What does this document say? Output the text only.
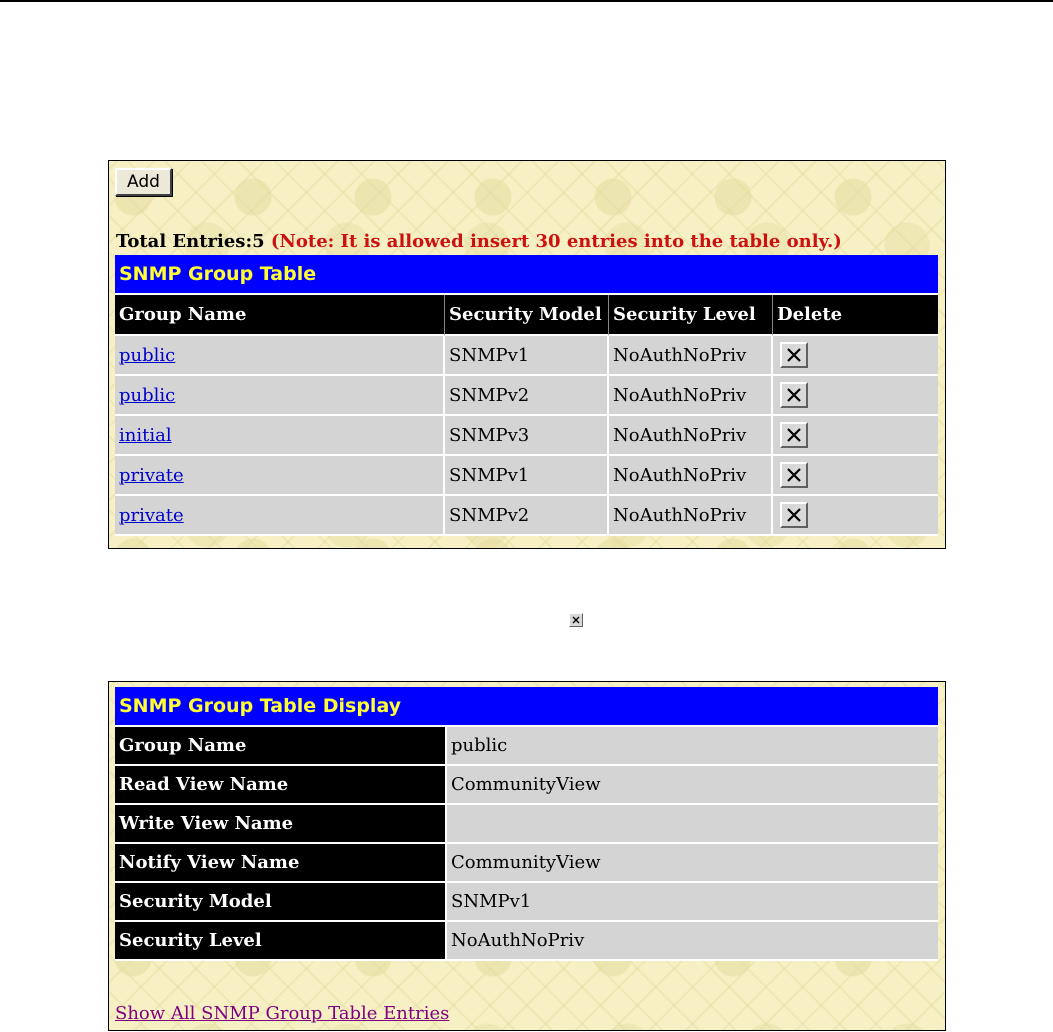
Add
Total Entries:5 (Note: It is allowed insert 30 entries into the table only.)
SNMP Group Table			
Group Name	Security Model	Security Level	Delete
public	SNMPv1	NoAuthNoPriv	

public	SNMPv2	NoAuthNoPriv	

initial	SNMPv3	NoAuthNoPriv	

private	SNMPv1	NoAuthNoPriv	

private	SNMPv2	NoAuthNoPriv	
SNMP Group Table Display	
Group Name	public
Read View Name	CommunityView
Write View Name	
Notify View Name	CommunityView
Security Model	SNMPv1
Security Level	NoAuthNoPriv
Show All SNMP Group Table Entries
